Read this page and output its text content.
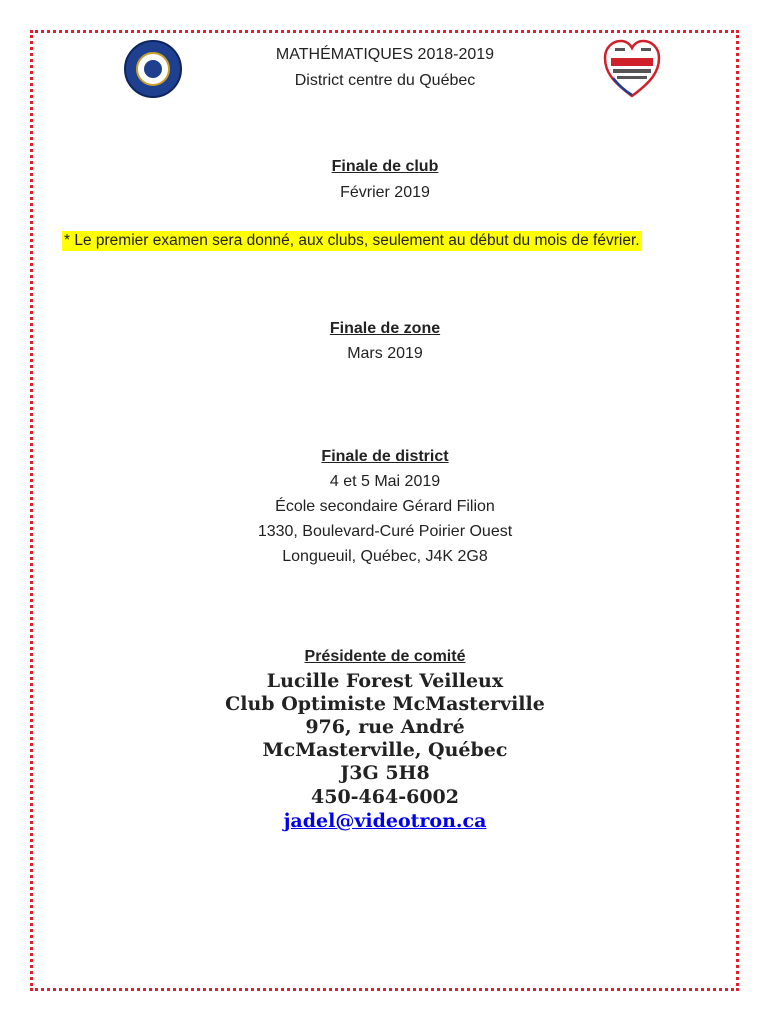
MATHÉMATIQUES 2018-2019
District centre du Québec
Finale de club
Février 2019
* Le premier examen sera donné, aux clubs, seulement au début du mois de février.
Finale de zone
Mars 2019
Finale de district
4 et 5 Mai 2019
École secondaire Gérard Filion
1330, Boulevard-Curé Poirier Ouest
Longueuil, Québec, J4K 2G8
Présidente de comité
Lucille Forest Veilleux
Club Optimiste McMasterville
976, rue André
McMasterville, Québec
J3G 5H8
450-464-6002
jadel@videotron.ca
